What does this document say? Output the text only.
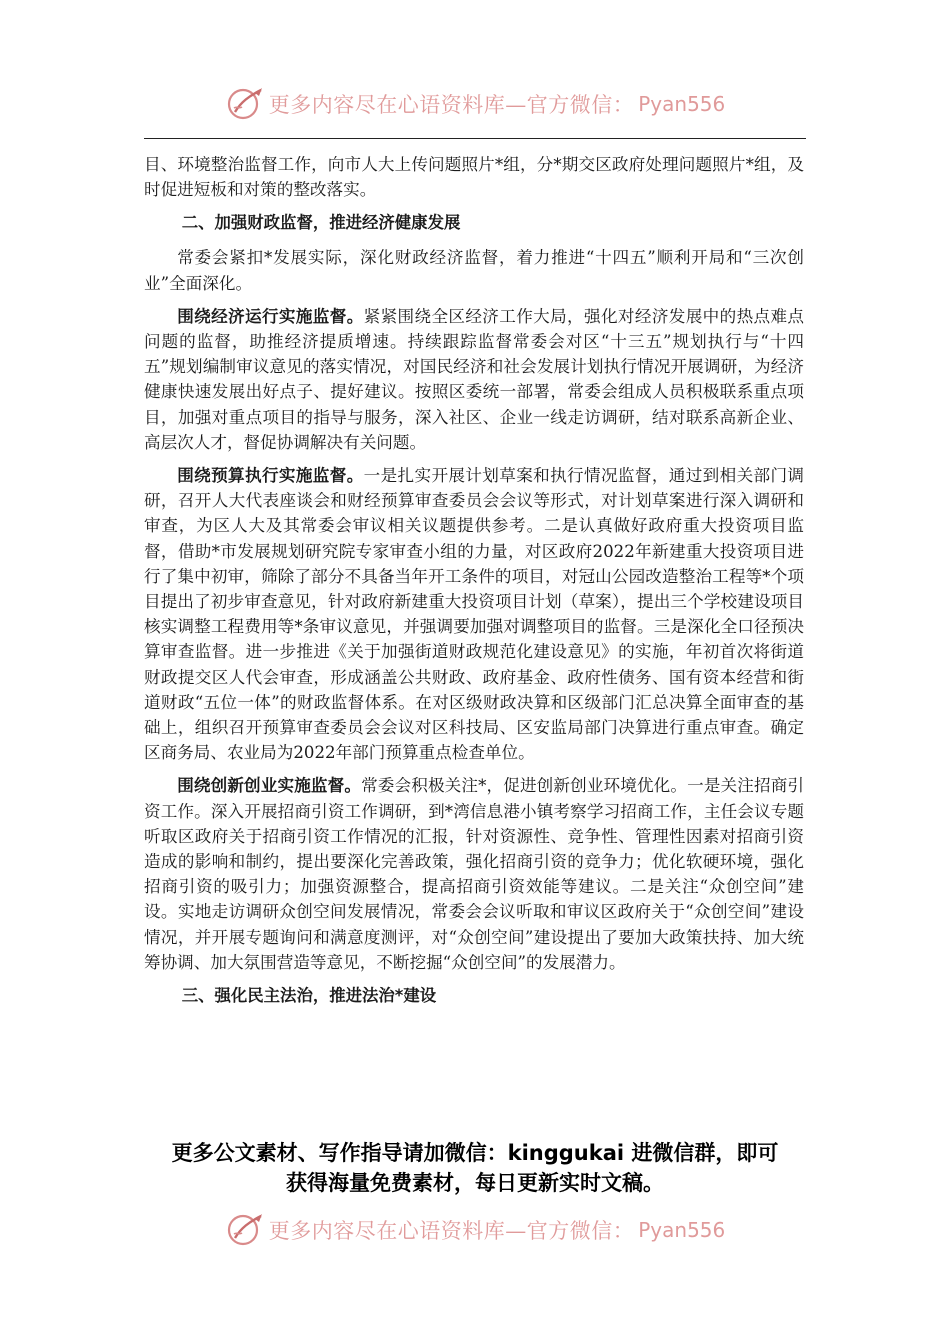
更多内容尽在心语资料库—官方微信： Pyan556

目、环境整治监督工作，向市人大上传问题照片*组，分*期交区政府处理问题照片*组，及时促进短板和对策的整改落实。

二、加强财政监督，推进经济健康发展

常委会紧扣*发展实际，深化财政经济监督，着力推进“十四五”顺利开局和“三次创业”全面深化。

围绕经济运行实施监督。紧紧围绕全区经济工作大局，强化对经济发展中的热点难点问题的监督，助推经济提质增速。持续跟踪监督常委会对区“十三五”规划执行与“十四五”规划编制审议意见的落实情况，对国民经济和社会发展计划执行情况开展调研，为经济健康快速发展出好点子、提好建议。按照区委统一部署，常委会组成人员积极联系重点项目，加强对重点项目的指导与服务，深入社区、企业一线走访调研，结对联系高新企业、高层次人才，督促协调解决有关问题。

围绕预算执行实施监督。一是扎实开展计划草案和执行情况监督，通过到相关部门调研，召开人大代表座谈会和财经预算审查委员会会议等形式，对计划草案进行深入调研和审查，为区人大及其常委会审议相关议题提供参考。二是认真做好政府重大投资项目监督，借助*市发展规划研究院专家审查小组的力量，对区政府2022年新建重大投资项目进行了集中初审，筛除了部分不具备当年开工条件的项目，对冠山公园改造整治工程等*个项目提出了初步审查意见，针对政府新建重大投资项目计划（草案），提出三个学校建设项目核实调整工程费用等*条审议意见，并强调要加强对调整项目的监督。三是深化全口径预决算审查监督。进一步推进《关于加强街道财政规范化建设意见》的实施，年初首次将街道财政提交区人代会审查，形成涵盖公共财政、政府基金、政府性债务、国有资本经营和街道财政“五位一体”的财政监督体系。在对区级财政决算和区级部门汇总决算全面审查的基础上，组织召开预算审查委员会会议对区科技局、区安监局部门决算进行重点审查。确定区商务局、农业局为2022年部门预算重点检查单位。

围绕创新创业实施监督。常委会积极关注*，促进创新创业环境优化。一是关注招商引资工作。深入开展招商引资工作调研，到*湾信息港小镇考察学习招商工作，主任会议专题听取区政府关于招商引资工作情况的汇报，针对资源性、竞争性、管理性因素对招商引资造成的影响和制约，提出要深化完善政策，强化招商引资的竞争力；优化软硬环境，强化招商引资的吸引力；加强资源整合，提高招商引资效能等建议。二是关注“众创空间”建设。实地走访调研众创空间发展情况，常委会会议听取和审议区政府关于“众创空间”建设情况，并开展专题询问和满意度测评，对“众创空间”建设提出了要加大政策扶持、加大统筹协调、加大氛围营造等意见，不断挖掘“众创空间”的发展潜力。

三、强化民主法治，推进法治*建设
更多公文素材、写作指导请加微信：kinggukai 进微信群，即可
获得海量免费素材，每日更新实时文稿。
更多内容尽在心语资料库—官方微信： Pyan556
